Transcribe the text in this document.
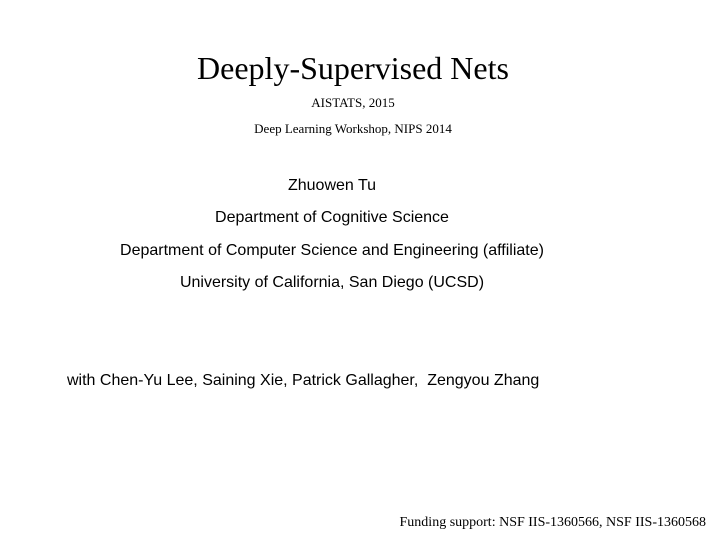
Deeply-Supervised Nets
AISTATS, 2015
Deep Learning Workshop, NIPS 2014
Zhuowen Tu
Department of Cognitive Science
Department of Computer Science and Engineering (affiliate)
University of California, San Diego (UCSD)
with Chen-Yu Lee, Saining Xie, Patrick Gallagher,  Zengyou Zhang
Funding support: NSF IIS-1360566, NSF IIS-1360568
